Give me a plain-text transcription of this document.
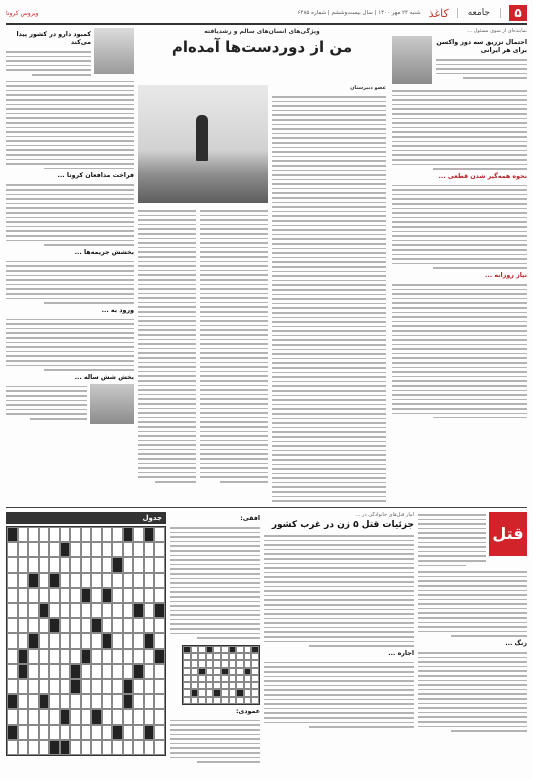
۵
جامعه
کاغذ
شنبه ۲۴ مهر ۱۴۰۰ | سال بیست‌وششم | شماره ۶۴۸۵
ویروس کرونا
نماینده‌ای از سوی مسئول ...
احتمال تزریق سه دوز واکسن برای هر ایرانی
نحوه همه‌گیر شدن قطعی ...
نیاز روزانه ...
ویژگی‌های انسان‌های سالم و رشدیافته
من از دوردست‌ها آمده‌ام
عضو دبیرستان
کمبود دارو در کشور پیدا می‌کند
فراخت مدافعان کرونا ...
بخشش جریمه‌ها ...
ورود به ...
بخش شش ساله ...
جدول	افقی:
عمودی:
آمار قتل‌های خانوادگی در ...
جزئیات قتل ۵ زن در غرب کشور
اجاره ...
قتل
زنگ ...
